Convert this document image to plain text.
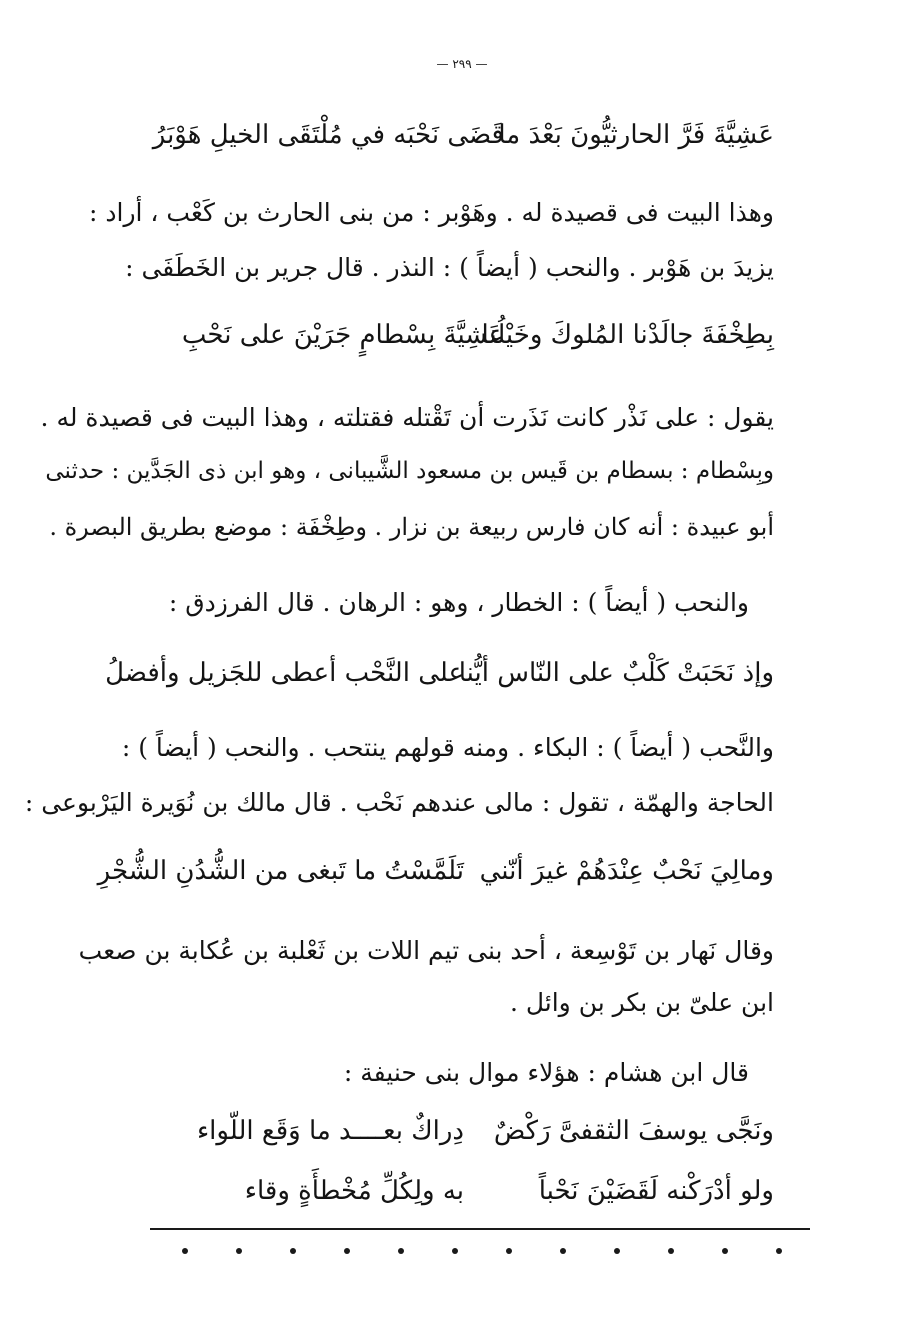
— ٢٩٩ —
عَشِيَّةَ فَرَّ الحارثيُّونَ بَعْدَ ما
قَضَى نَحْبَه في مُلْتَقَى الخيلِ هَوْبَرُ
وهذا البيت فى قصيدة له . وهَوْبر : من بنى الحارث بن كَعْب ، أراد :
يزيدَ بن هَوْبر . والنحب ( أيضاً ) : النذر . قال جرير بن الخَطَفَى :
بِطِخْفَةَ جالَدْنا المُلوكَ وخَيْلُنا
عَشِيَّةَ بِسْطامٍ جَرَيْنَ على نَحْبِ
يقول : على نَذْر كانت نَذَرت أن تَقْتله فقتلته ، وهذا البيت فى قصيدة له .
وبِسْطام : بسطام بن قَيس بن مسعود الشَّيبانى ، وهو ابن ذى الجَدَّين : حدثنى
أبو عبيدة : أنه كان فارس ربيعة بن نزار . وطِخْفَة : موضع بطريق البصرة .
والنحب ( أيضاً ) : الخطار ، وهو : الرهان . قال الفرزدق :
وإذ نَحَبَتْ كَلْبٌ على النّاس أيُّنا
على النَّحْب أعطى للجَزيل وأفضلُ
والنَّحب ( أيضاً ) : البكاء . ومنه قولهم ينتحب . والنحب ( أيضاً ) :
الحاجة والهمّة ، تقول : مالى عندهم نَحْب . قال مالك بن نُوَيرة اليَرْبوعى :
ومالِيَ نَحْبٌ عِنْدَهُمْ غيرَ أنّني
تَلَمَّسْتُ ما تَبغى من الشُّدُنِ الشُّجْرِ
وقال نَهار بن تَوْسِعة ، أحد بنى تيم اللات بن ثَعْلبة بن عُكابة بن صعب
ابن علىّ بن بكر بن وائل .
قال ابن هشام : هؤلاء موال بنى حنيفة :
ونَجَّى يوسفَ الثقفىَّ رَكْضٌ
دِراكٌ بعــــد ما وَقَع اللّواء
ولو أدْرَكْنه لَقَضَيْنَ نَحْباً
به ولِكُلِّ مُخْطأَةٍ وقاء
